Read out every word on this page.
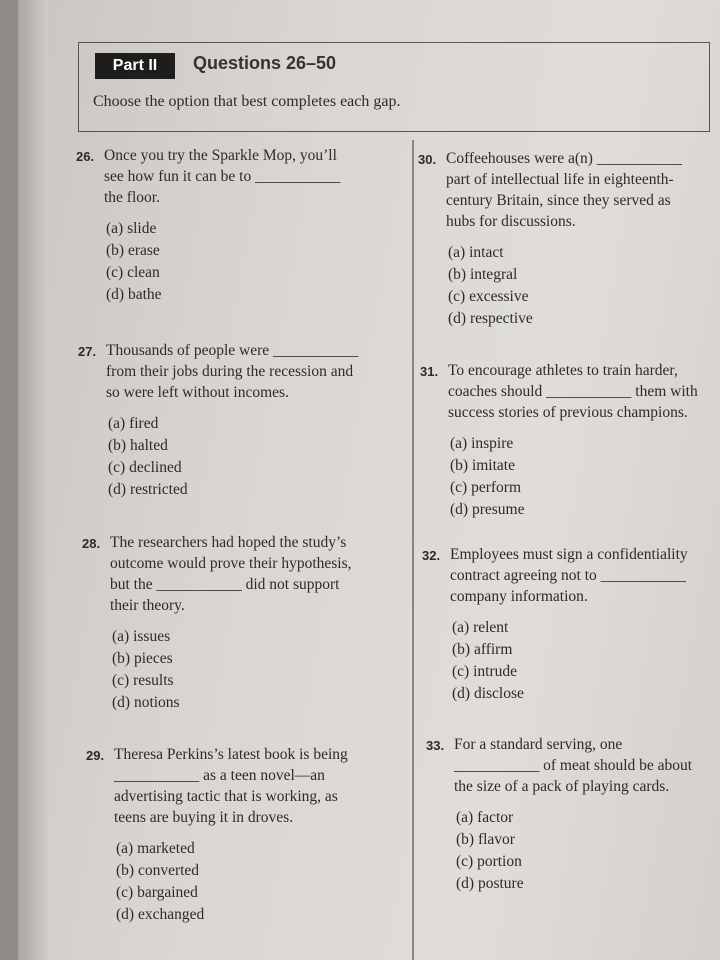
Part II	Questions 26–50
Choose the option that best completes each gap.
26. Once you try the Sparkle Mop, you’ll
see how fun it can be to ___________
the floor.

(a) slide
(b) erase
(c) clean
(d) bathe
27. Thousands of people were ___________
from their jobs during the recession and
so were left without incomes.

(a) fired
(b) halted
(c) declined
(d) restricted
28. The researchers had hoped the study’s
outcome would prove their hypothesis,
but the ___________ did not support
their theory.

(a) issues
(b) pieces
(c) results
(d) notions
29. Theresa Perkins’s latest book is being
___________ as a teen novel—an
advertising tactic that is working, as
teens are buying it in droves.

(a) marketed
(b) converted
(c) bargained
(d) exchanged
30. Coffeehouses were a(n) ___________
part of intellectual life in eighteenth-
century Britain, since they served as
hubs for discussions.

(a) intact
(b) integral
(c) excessive
(d) respective
31. To encourage athletes to train harder,
coaches should ___________ them with
success stories of previous champions.

(a) inspire
(b) imitate
(c) perform
(d) presume
32. Employees must sign a confidentiality
contract agreeing not to ___________
company information.

(a) relent
(b) affirm
(c) intrude
(d) disclose
33. For a standard serving, one
___________ of meat should be about
the size of a pack of playing cards.

(a) factor
(b) flavor
(c) portion
(d) posture
